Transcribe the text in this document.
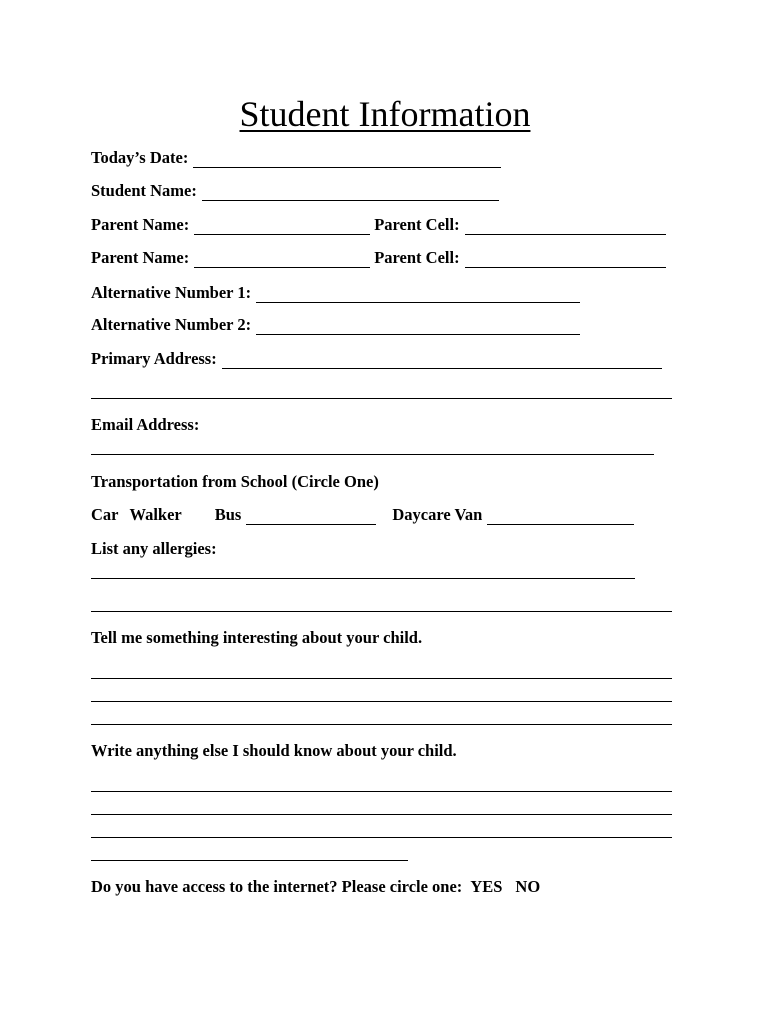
Student Information
Today’s Date:
Student Name:
Parent Name:	Parent Cell:
Parent Name:	Parent Cell:
Alternative Number 1:
Alternative Number 2:
Primary Address:
Email Address:
Transportation from School (Circle One)
Car Walker Bus	Daycare Van
List any allergies:
Tell me something interesting about your child.
Write anything else I should know about your child.
Do you have access to the internet? Please circle one: YES NO
